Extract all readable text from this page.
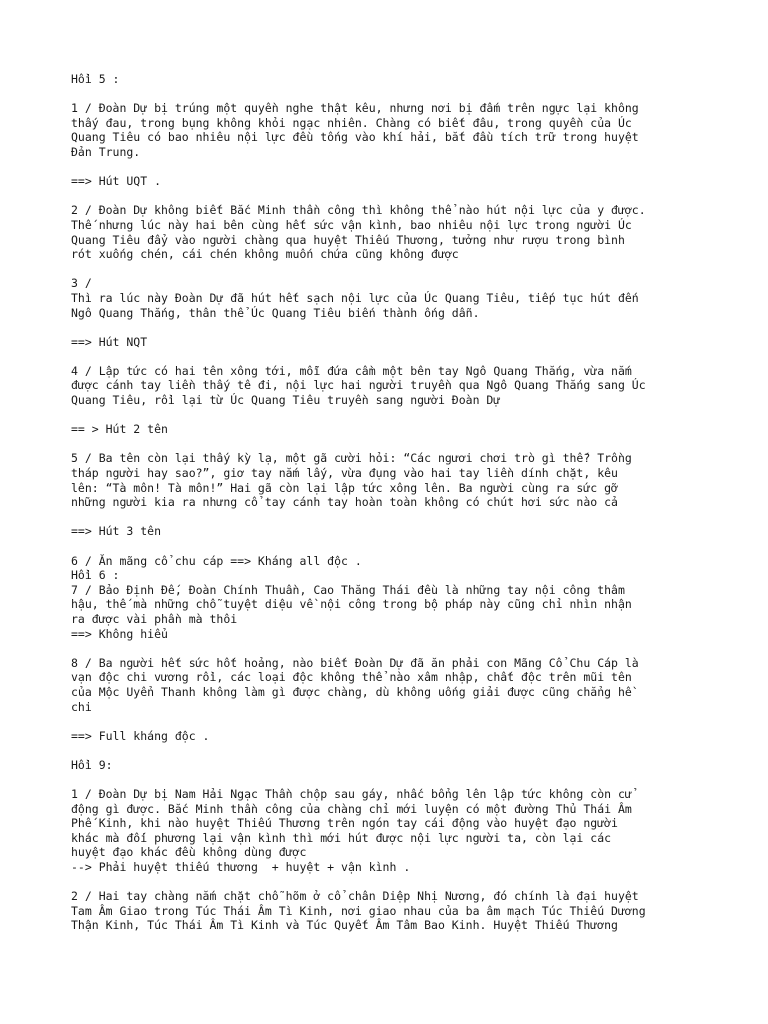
Hồi 5 :
1 / Đoàn Dự bị trúng một quyền nghe thật kêu, nhưng nơi bị đấm trên ngực lại không
thấy đau, trong bụng không khỏi ngạc nhiên. Chàng có biết đâu, trong quyền của Úc
Quang Tiêu có bao nhiêu nội lực đều tống vào khí hải, bắt đầu tích trữ trong huyệt
Đản Trung.
==> Hút UQT .
2 / Đoàn Dự không biết Bắc Minh thần công thì không thể nào hút nội lực của y được.
Thế nhưng lúc này hai bên cùng hết sức vận kình, bao nhiêu nội lực trong người Úc
Quang Tiêu đẩy vào người chàng qua huyệt Thiếu Thương, tưởng như rượu trong bình
rót xuống chén, cái chén không muốn chứa cũng không được
3 /
Thì ra lúc này Đoàn Dự đã hút hết sạch nội lực của Úc Quang Tiêu, tiếp tục hút đến
Ngô Quang Thắng, thân thể Úc Quang Tiêu biến thành ống dẫn.
==> Hút NQT
4 / Lập tức có hai tên xông tới, mỗi đứa cầm một bên tay Ngô Quang Thắng, vừa nắm
được cánh tay liền thấy tê đi, nội lực hai người truyền qua Ngô Quang Thắng sang Úc
Quang Tiêu, rồi lại từ Úc Quang Tiêu truyền sang người Đoàn Dự
== > Hút 2 tên
5 / Ba tên còn lại thấy kỳ lạ, một gã cười hỏi: “Các ngươi chơi trò gì thế? Trồng
tháp người hay sao?”, giơ tay nắm lấy, vừa đụng vào hai tay liền dính chặt, kêu
lên: “Tà môn! Tà môn!” Hai gã còn lại lập tức xông lên. Ba người cùng ra sức gỡ
những người kia ra nhưng cổ tay cánh tay hoàn toàn không có chút hơi sức nào cả
==> Hút 3 tên
6 / Ăn mãng cổ chu cáp ==> Kháng all độc .
Hồi 6 :
7 / Bảo Định Đế, Đoàn Chính Thuần, Cao Thăng Thái đều là những tay nội công thâm
hậu, thế mà những chỗ tuyệt diệu về nội công trong bộ pháp này cũng chỉ nhìn nhận
ra được vài phần mà thôi
==> Không hiểu
8 / Ba người hết sức hốt hoảng, nào biết Đoàn Dự đã ăn phải con Mãng Cổ Chu Cáp là
vạn độc chi vương rồi, các loại độc không thể nào xâm nhập, chất độc trên mũi tên
của Mộc Uyển Thanh không làm gì được chàng, dù không uống giải được cũng chẳng hề
chi
==> Full kháng độc .
Hồi 9:
1 / Đoàn Dự bị Nam Hải Ngạc Thần chộp sau gáy, nhấc bổng lên lập tức không còn cử
động gì được. Bắc Minh thần công của chàng chỉ mới luyện có một đường Thủ Thái Âm
Phế Kinh, khi nào huyệt Thiếu Thương trên ngón tay cái động vào huyệt đạo người
khác mà đối phương lại vận kình thì mới hút được nội lực người ta, còn lại các
huyệt đạo khác đều không dùng được
--> Phải huyệt thiếu thương  + huyệt + vận kình .
2 / Hai tay chàng nắm chặt chỗ hõm ở cổ chân Diệp Nhị Nương, đó chính là đại huyệt
Tam Âm Giao trong Túc Thái Âm Tì Kinh, nơi giao nhau của ba âm mạch Túc Thiếu Dương
Thận Kinh, Túc Thái Âm Tì Kinh và Túc Quyết Âm Tâm Bao Kinh. Huyệt Thiếu Thương
